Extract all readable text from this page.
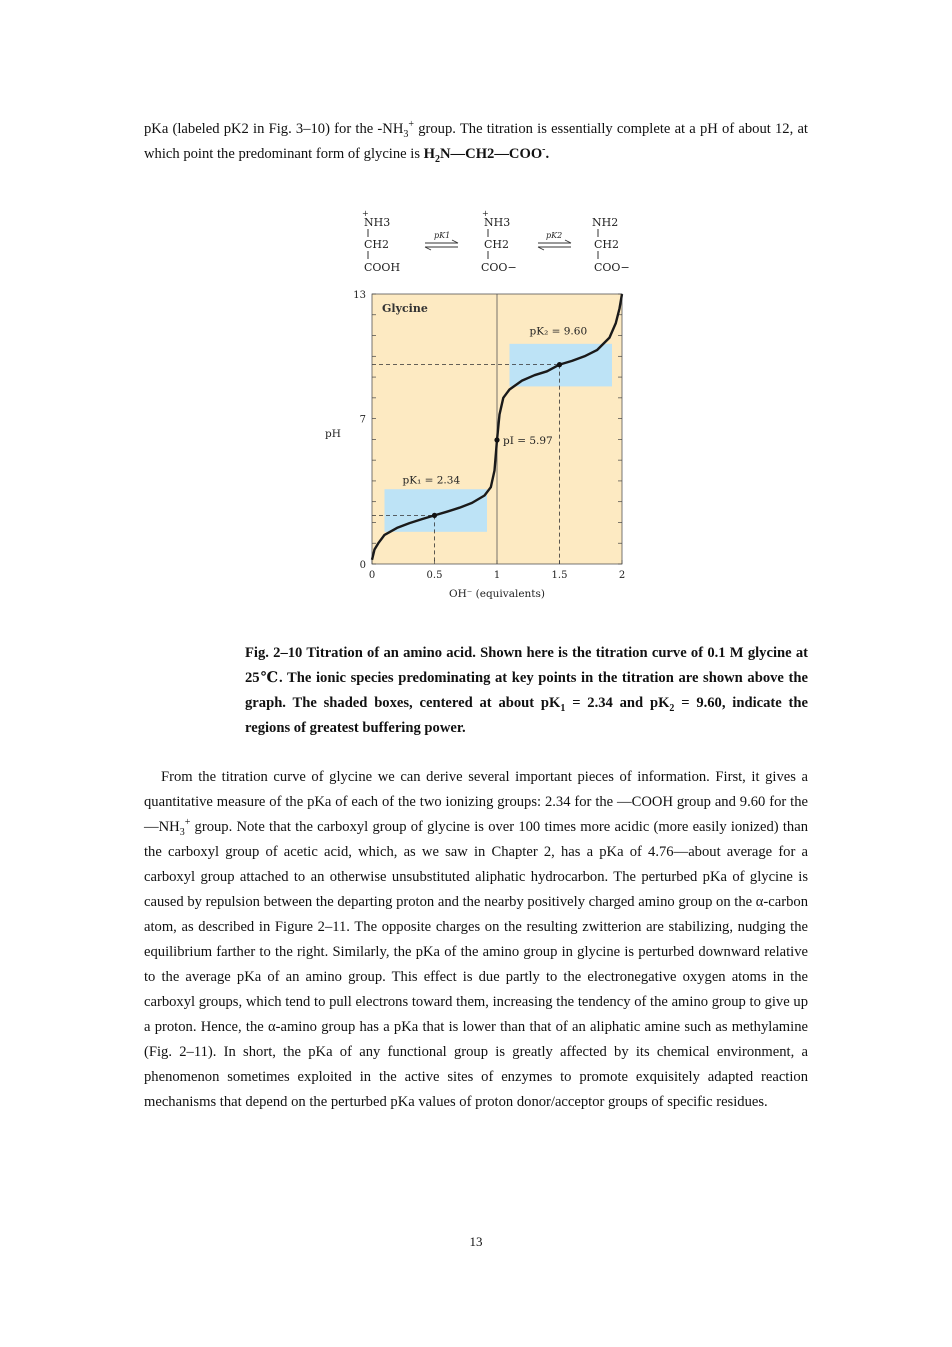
pKa (labeled pK2 in Fig. 3–10) for the $-NH_3^+$ group. The titration is essentially complete at a pH of about 12, at which point the predominant form of glycine is $H_2N—CH2—COO^-$.
+
NH3
CH2
COOH
+
NH3
CH2
COO−
NH2
CH2
COO−
pK1	pK2
0
7
13
0	0.5	1	1.5	2
pK₁ = 2.34
pI = 5.97
pK₂ = 9.60
Glycine
OH⁻ (equivalents)
pH
Fig. 2–10 Titration of an amino acid. Shown here is the titration curve of 0.1 M glycine at 25℃. The ionic species predominating at key points in the titration are shown above the graph. The shaded boxes, centered at about $pK_1 = 2.34$ and $pK_2 = 9.60$, indicate the regions of greatest buffering power.
From the titration curve of glycine we can derive several important pieces of information. First, it gives a quantitative measure of the pKa of each of the two ionizing groups: 2.34 for the —COOH group and 9.60 for the $—NH_3^+$ group. Note that the carboxyl group of glycine is over 100 times more acidic (more easily ionized) than the carboxyl group of acetic acid, which, as we saw in Chapter 2, has a pKa of 4.76—about average for a carboxyl group attached to an otherwise unsubstituted aliphatic hydrocarbon. The perturbed pKa of glycine is caused by repulsion between the departing proton and the nearby positively charged amino group on the α-carbon atom, as described in Figure 2–11. The opposite charges on the resulting zwitterion are stabilizing, nudging the equilibrium farther to the right. Similarly, the pKa of the amino group in glycine is perturbed downward relative to the average pKa of an amino group. This effect is due partly to the electronegative oxygen atoms in the carboxyl groups, which tend to pull electrons toward them, increasing the tendency of the amino group to give up a proton. Hence, the α-amino group has a pKa that is lower than that of an aliphatic amine such as methylamine (Fig. 2–11). In short, the pKa of any functional group is greatly affected by its chemical environment, a phenomenon sometimes exploited in the active sites of enzymes to promote exquisitely adapted reaction mechanisms that depend on the perturbed pKa values of proton donor/acceptor groups of specific residues.
13
